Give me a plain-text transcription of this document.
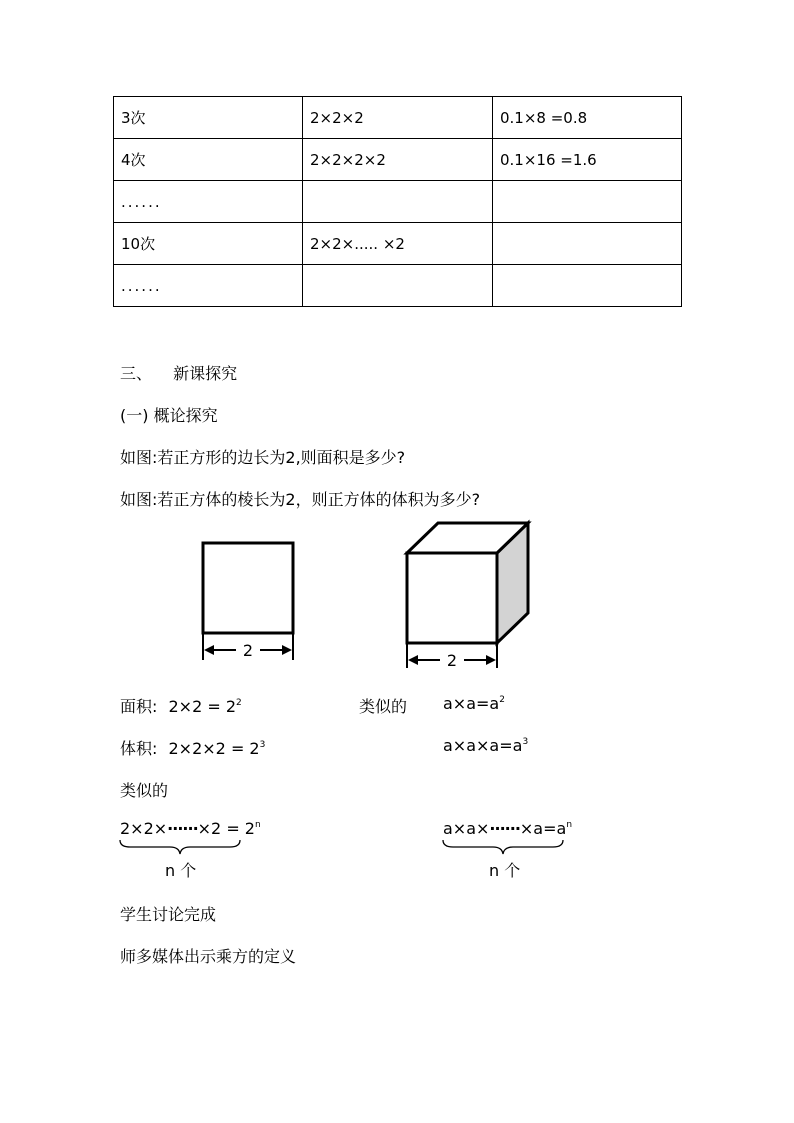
3次	2×2×2	0.1×8 =0.8
4次	2×2×2×2	0.1×16 =1.6
......		
10次	2×2×..... ×2	
......		
三、 新课探究
(一) 概论探究
如图:若正方形的边长为2,则面积是多少?
如图:若正方体的棱长为2，则正方体的体积为多少?
2
2
面积: $2\times 2 = 2^2$	类似的 $a\times a=a^2$
体积: $2\times 2\times 2 = 2^3$	$a\times a\times a=a^3$
类似的
$2\times 2\times\cdot\cdot\cdot\cdot\cdot\cdot\times 2 = 2^n$	$a\times a\times\cdot\cdot\cdot\cdot\cdot\cdot\times a=a^n$
n 个	n 个
学生讨论完成
师多媒体出示乘方的定义
